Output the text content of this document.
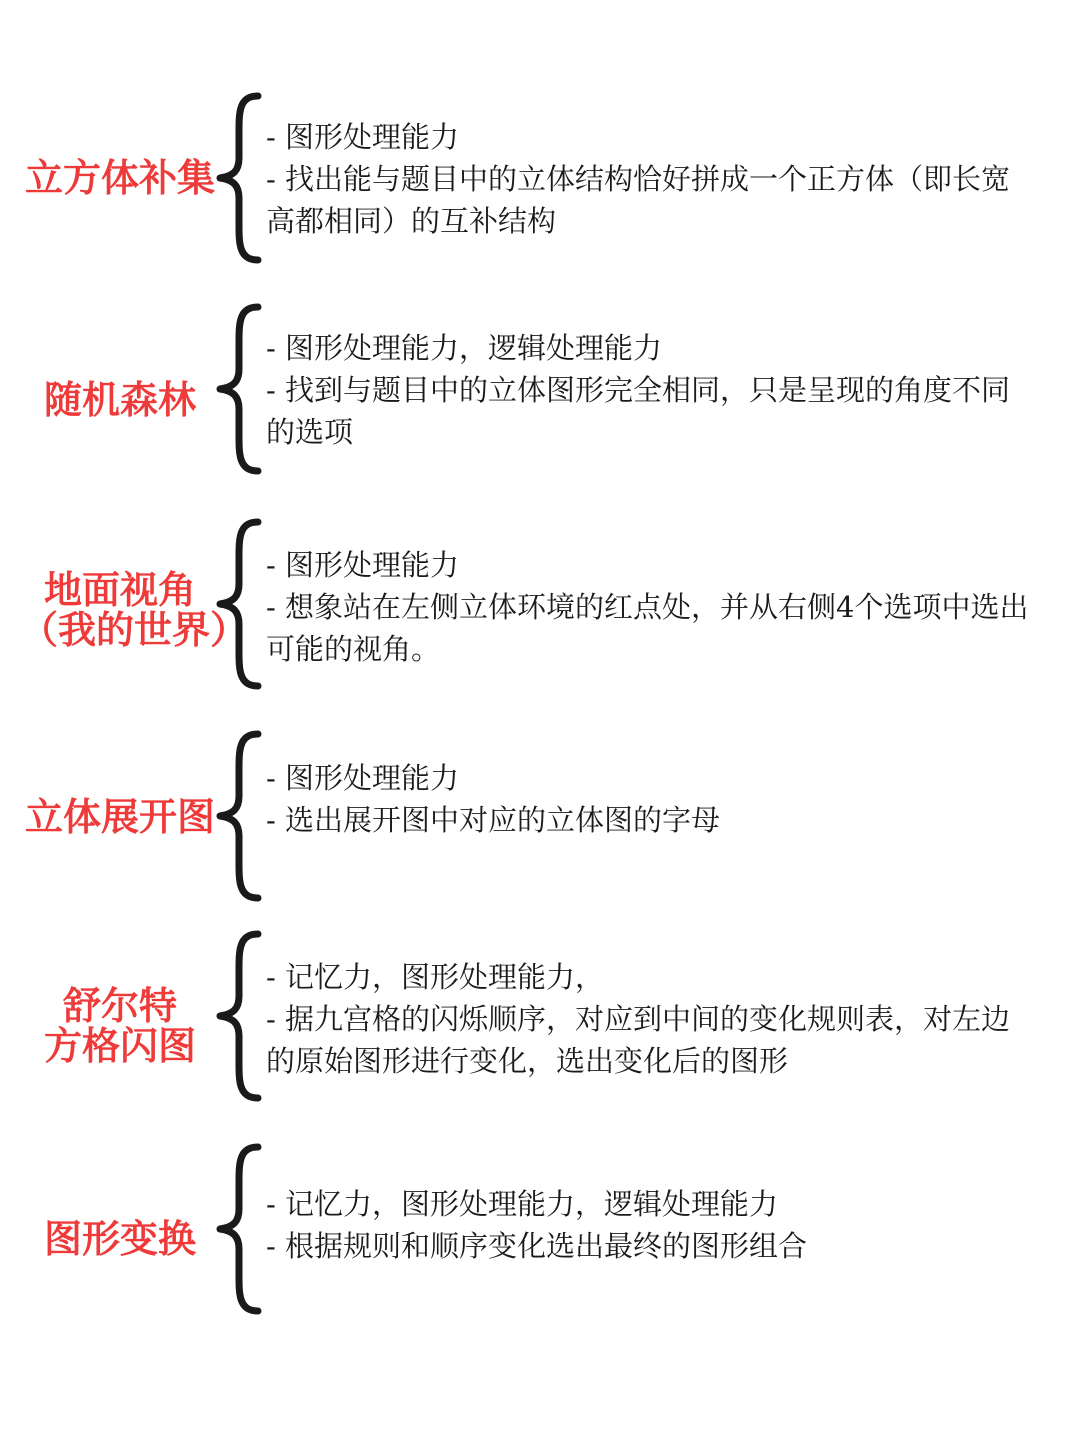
立方体补集
- 图形处理能力
- 找出能与题目中的立体结构恰好拼成一个正方体（即长宽高都相同）的互补结构
随机森林
- 图形处理能力，逻辑处理能力
- 找到与题目中的立体图形完全相同，只是呈现的角度不同的选项
地面视角
（我的世界）
- 图形处理能力
- 想象站在左侧立体环境的红点处，并从右侧4个选项中选出可能的视角。
立体展开图
- 图形处理能力
- 选出展开图中对应的立体图的字母
舒尔特
方格闪图
- 记忆力，图形处理能力，
- 据九宫格的闪烁顺序，对应到中间的变化规则表，对左边的原始图形进行变化，选出变化后的图形
图形变换
- 记忆力，图形处理能力，逻辑处理能力
- 根据规则和顺序变化选出最终的图形组合
